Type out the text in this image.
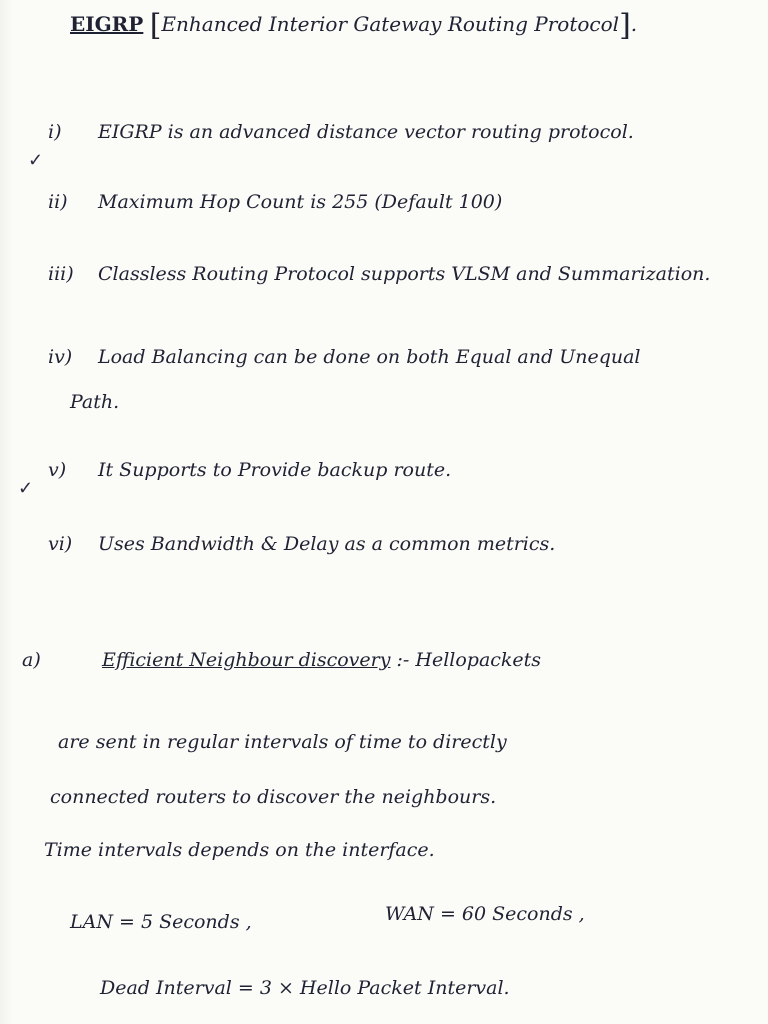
EIGRP [Enhanced Interior Gateway Routing Protocol].
i) EIGRP is an advanced distance vector routing protocol.
ii) Maximum Hop Count is 255 (Default 100)
iii) Classless Routing Protocol supports VLSM and Summarization.
iv) Load Balancing can be done on both Equal and Unequal
Path.
v) It Supports to Provide backup route.
vi) Uses Bandwidth & Delay as a common metrics.
✓
✓
a)	Efficient Neighbour discovery :- Hellopackets
are sent in regular intervals of time to directly
connected routers to discover the neighbours.
Time intervals depends on the interface.
LAN = 5 Seconds ,	WAN = 60 Seconds ,
Dead Interval = 3 × Hello Packet Interval.
